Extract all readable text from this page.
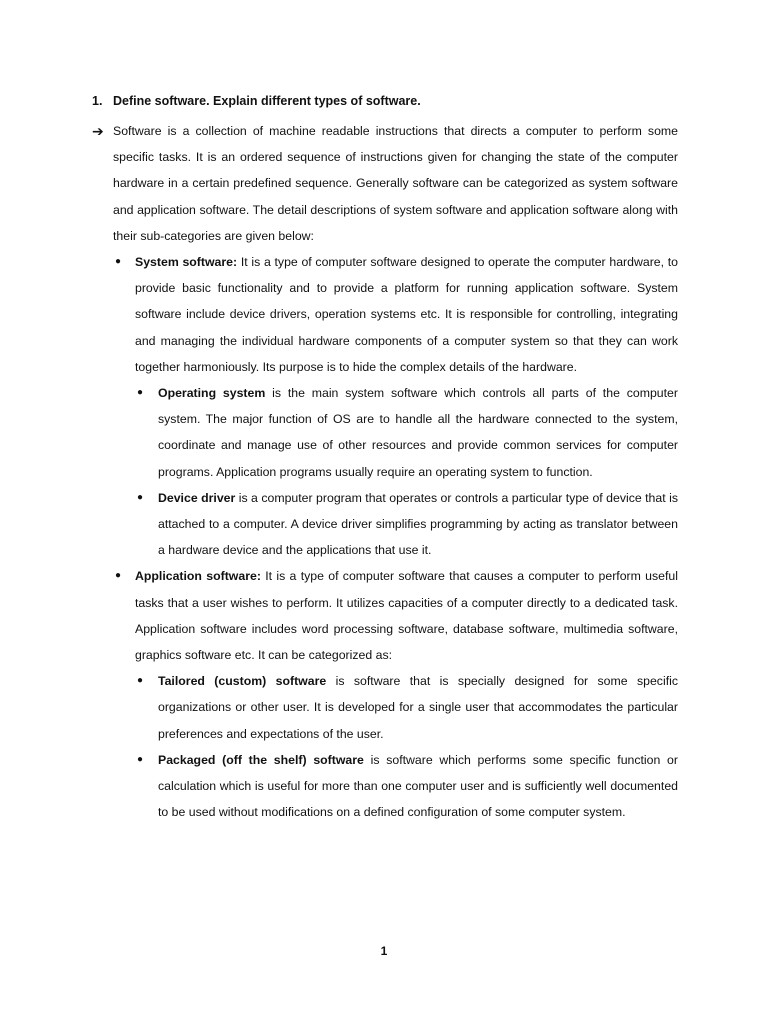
1. Define software. Explain different types of software.
➔ Software is a collection of machine readable instructions that directs a computer to perform some specific tasks. It is an ordered sequence of instructions given for changing the state of the computer hardware in a certain predefined sequence. Generally software can be categorized as system software and application software. The detail descriptions of system software and application software along with their sub-categories are given below:
● System software: It is a type of computer software designed to operate the computer hardware, to provide basic functionality and to provide a platform for running application software. System software include device drivers, operation systems etc. It is responsible for controlling, integrating and managing the individual hardware components of a computer system so that they can work together harmoniously. Its purpose is to hide the complex details of the hardware.
● Operating system is the main system software which controls all parts of the computer system. The major function of OS are to handle all the hardware connected to the system, coordinate and manage use of other resources and provide common services for computer programs. Application programs usually require an operating system to function.
● Device driver is a computer program that operates or controls a particular type of device that is attached to a computer. A device driver simplifies programming by acting as translator between a hardware device and the applications that use it.
● Application software: It is a type of computer software that causes a computer to perform useful tasks that a user wishes to perform. It utilizes capacities of a computer directly to a dedicated task. Application software includes word processing software, database software, multimedia software, graphics software etc. It can be categorized as:
● Tailored (custom) software is software that is specially designed for some specific organizations or other user. It is developed for a single user that accommodates the particular preferences and expectations of the user.
● Packaged (off the shelf) software is software which performs some specific function or calculation which is useful for more than one computer user and is sufficiently well documented to be used without modifications on a defined configuration of some computer system.
1
